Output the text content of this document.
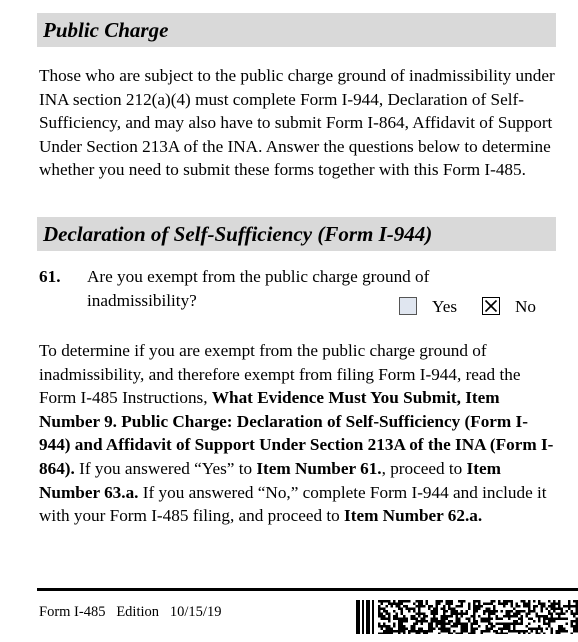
Public Charge
Those who are subject to the public charge ground of inadmissibility under INA section 212(a)(4) must complete Form I-944, Declaration of Self-Sufficiency, and may also have to submit Form I-864, Affidavit of Support Under Section 213A of the INA. Answer the questions below to determine whether you need to submit these forms together with this Form I-485.
Declaration of Self-Sufficiency (Form I-944)
61. Are you exempt from the public charge ground of inadmissibility?	Yes	No
To determine if you are exempt from the public charge ground of inadmissibility, and therefore exempt from filing Form I-944, read the Form I-485 Instructions, What Evidence Must You Submit, Item Number 9. Public Charge: Declaration of Self-Sufficiency (Form I-944) and Affidavit of Support Under Section 213A of the INA (Form I-864). If you answered “Yes” to Item Number 61., proceed to Item Number 63.a. If you answered “No,” complete Form I-944 and include it with your Form I-485 filing, and proceed to Item Number 62.a.
Form I-485   Edition   10/15/19
